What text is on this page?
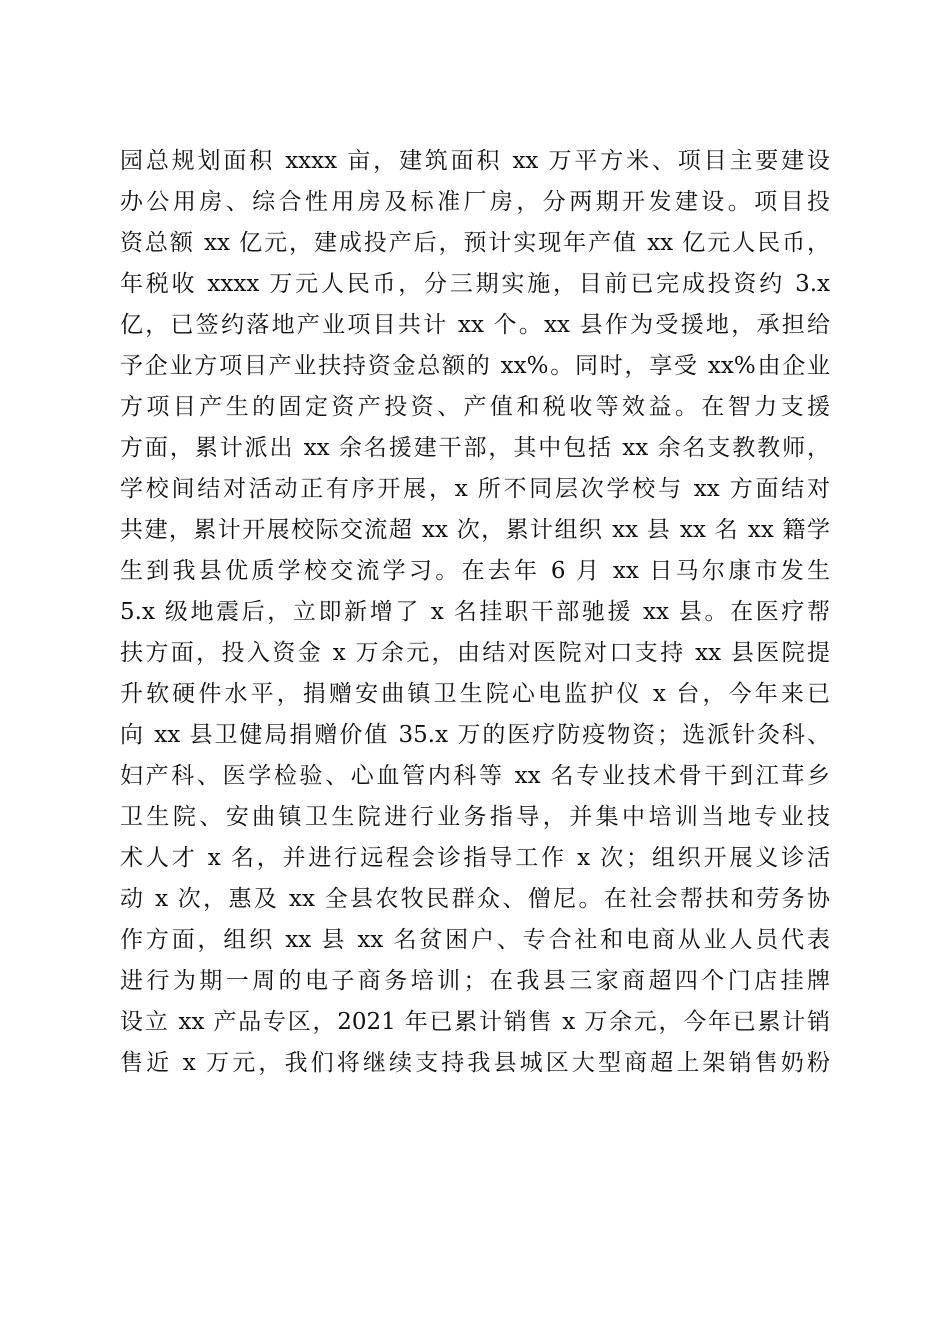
园总规划面积 xxxx 亩，建筑面积 xx 万平方米、项目主要建设
办公用房、综合性用房及标准厂房，分两期开发建设。项目投
资总额 xx 亿元，建成投产后，预计实现年产值 xx 亿元人民币，
年税收 xxxx 万元人民币，分三期实施，目前已完成投资约 3.x
亿，已签约落地产业项目共计 xx 个。xx 县作为受援地，承担给
予企业方项目产业扶持资金总额的 xx%。同时，享受 xx%由企业
方项目产生的固定资产投资、产值和税收等效益。在智力支援
方面，累计派出 xx 余名援建干部，其中包括 xx 余名支教教师，
学校间结对活动正有序开展，x 所不同层次学校与 xx 方面结对
共建，累计开展校际交流超 xx 次，累计组织 xx 县 xx 名 xx 籍学
生到我县优质学校交流学习。在去年 6 月 xx 日马尔康市发生
5.x 级地震后，立即新增了 x 名挂职干部驰援 xx 县。在医疗帮
扶方面，投入资金 x 万余元，由结对医院对口支持 xx 县医院提
升软硬件水平，捐赠安曲镇卫生院心电监护仪 x 台，今年来已
向 xx 县卫健局捐赠价值 35.x 万的医疗防疫物资；选派针灸科、
妇产科、医学检验、心血管内科等 xx 名专业技术骨干到江茸乡
卫生院、安曲镇卫生院进行业务指导，并集中培训当地专业技
术人才 x 名，并进行远程会诊指导工作 x 次；组织开展义诊活
动 x 次，惠及 xx 全县农牧民群众、僧尼。在社会帮扶和劳务协
作方面，组织 xx 县 xx 名贫困户、专合社和电商从业人员代表
进行为期一周的电子商务培训；在我县三家商超四个门店挂牌
设立 xx 产品专区，2021 年已累计销售 x 万余元，今年已累计销
售近 x 万元，我们将继续支持我县城区大型商超上架销售奶粉
